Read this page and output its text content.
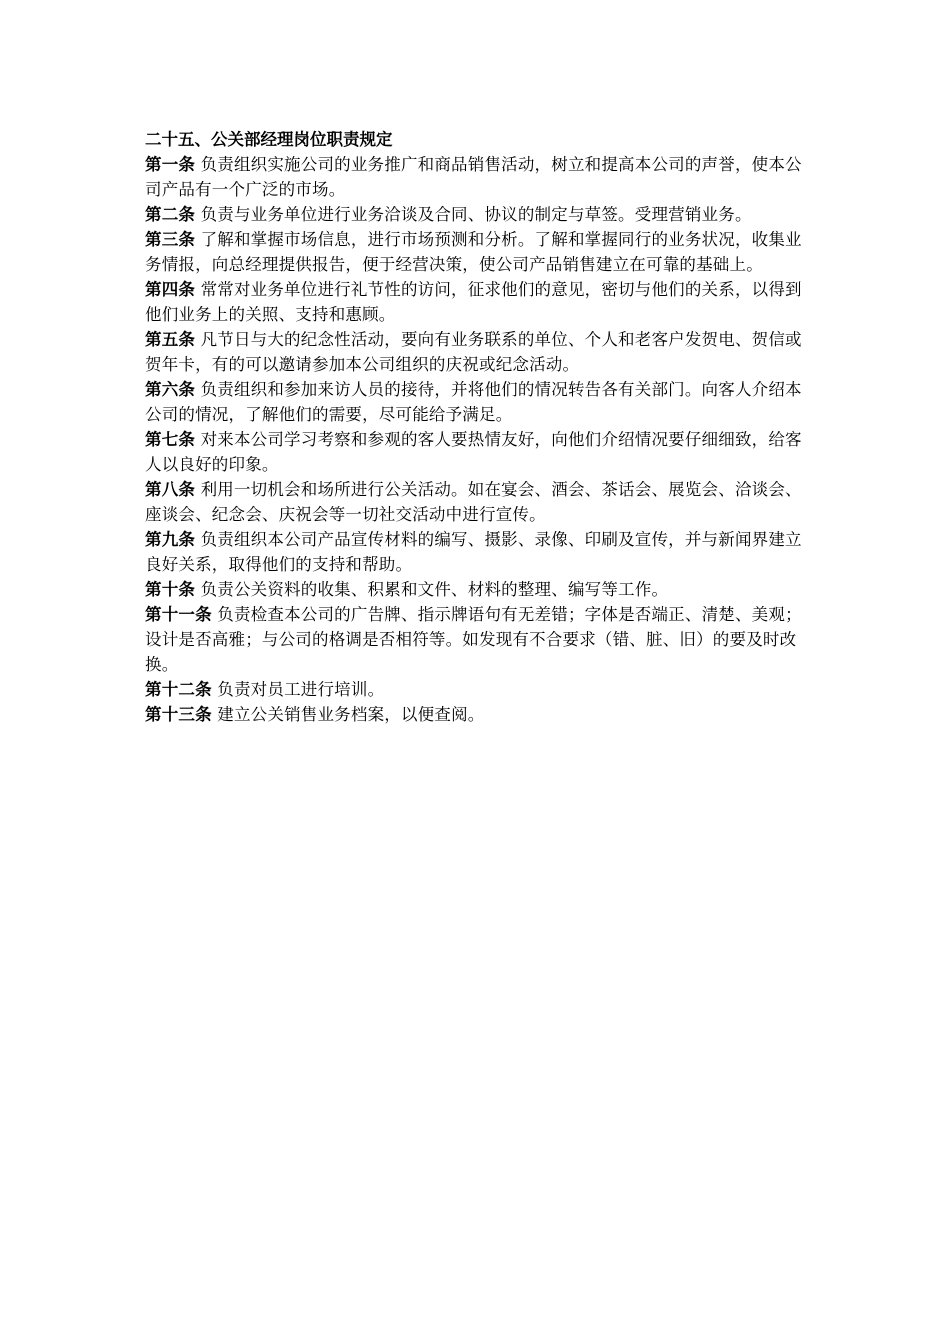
二十五、公关部经理岗位职责规定

第一条 负责组织实施公司的业务推广和商品销售活动，树立和提高本公司的声誉，使本公司产品有一个广泛的市场。

第二条 负责与业务单位进行业务洽谈及合同、协议的制定与草签。受理营销业务。

第三条 了解和掌握市场信息，进行市场预测和分析。了解和掌握同行的业务状况，收集业务情报，向总经理提供报告，便于经营决策，使公司产品销售建立在可靠的基础上。

第四条 常常对业务单位进行礼节性的访问，征求他们的意见，密切与他们的关系，以得到他们业务上的关照、支持和惠顾。

第五条 凡节日与大的纪念性活动，要向有业务联系的单位、个人和老客户发贺电、贺信或贺年卡，有的可以邀请参加本公司组织的庆祝或纪念活动。

第六条 负责组织和参加来访人员的接待，并将他们的情况转告各有关部门。向客人介绍本公司的情况，了解他们的需要，尽可能给予满足。

第七条 对来本公司学习考察和参观的客人要热情友好，向他们介绍情况要仔细细致，给客人以良好的印象。

第八条 利用一切机会和场所进行公关活动。如在宴会、酒会、茶话会、展览会、洽谈会、座谈会、纪念会、庆祝会等一切社交活动中进行宣传。

第九条 负责组织本公司产品宣传材料的编写、摄影、录像、印刷及宣传，并与新闻界建立良好关系，取得他们的支持和帮助。

第十条 负责公关资料的收集、积累和文件、材料的整理、编写等工作。

第十一条 负责检查本公司的广告牌、指示牌语句有无差错；字体是否端正、清楚、美观；设计是否高雅；与公司的格调是否相符等。如发现有不合要求（错、脏、旧）的要及时改换。

第十二条 负责对员工进行培训。

第十三条 建立公关销售业务档案，以便查阅。
